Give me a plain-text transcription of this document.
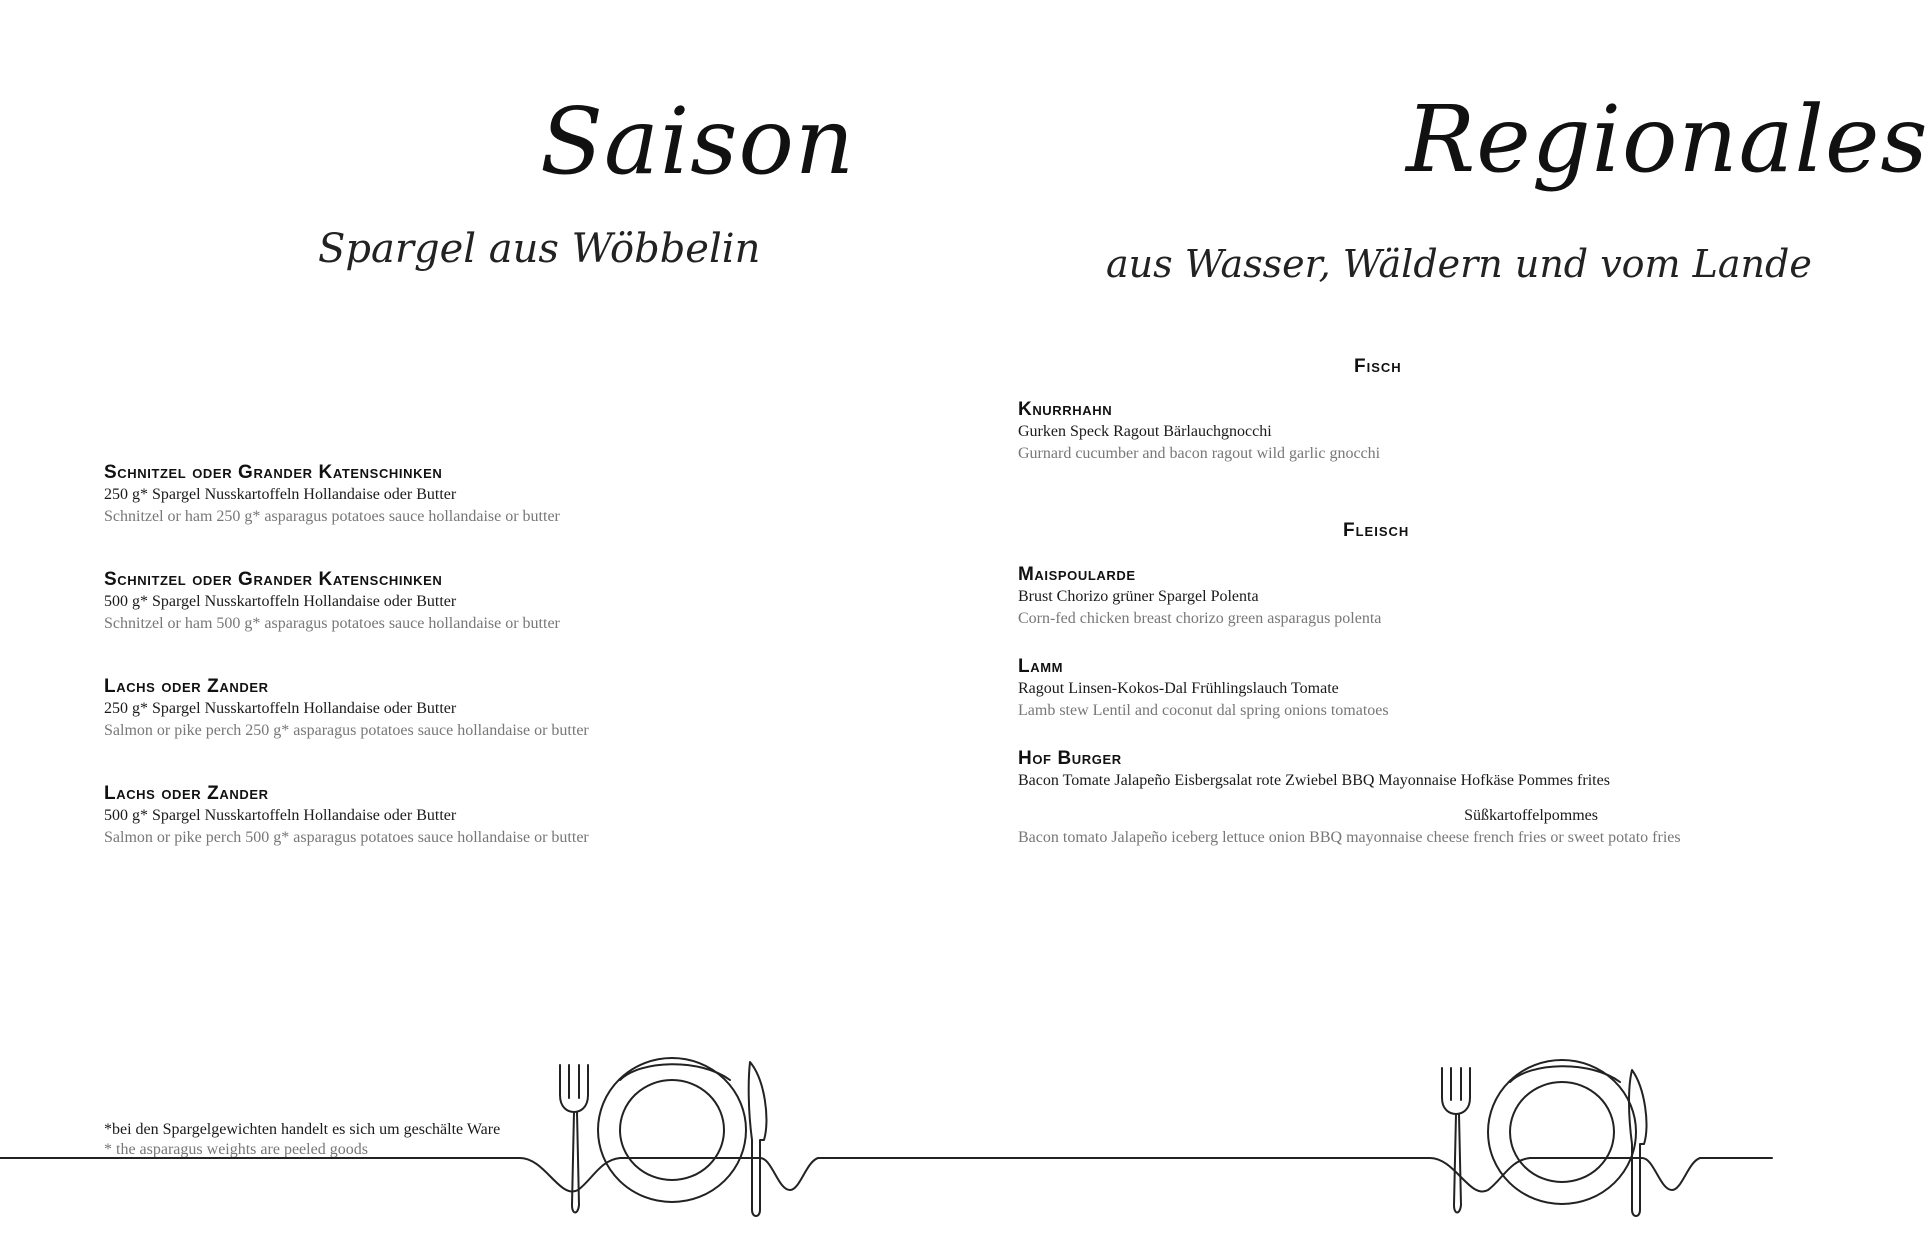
Saison
Spargel aus Wöbbelin
Schnitzel oder Grander Katenschinken
250 g* Spargel Nusskartoffeln Hollandaise oder Butter
Schnitzel or ham 250 g* asparagus potatoes sauce hollandaise or butter
Schnitzel oder Grander Katenschinken
500 g* Spargel Nusskartoffeln Hollandaise oder Butter
Schnitzel or ham 500 g* asparagus potatoes sauce hollandaise or butter
Lachs oder Zander
250 g* Spargel Nusskartoffeln Hollandaise oder Butter
Salmon or pike perch 250 g* asparagus potatoes sauce hollandaise or butter
Lachs oder Zander
500 g* Spargel Nusskartoffeln Hollandaise oder Butter
Salmon or pike perch 500 g* asparagus potatoes sauce hollandaise or butter
*bei den Spargelgewichten handelt es sich um geschälte Ware
* the asparagus weights are peeled goods
Regionales
aus Wasser, Wäldern und vom Lande
Fisch
Knurrhahn
Gurken Speck Ragout Bärlauchgnocchi
Gurnard cucumber and bacon ragout wild garlic gnocchi
Fleisch
Maispoularde
Brust Chorizo grüner Spargel Polenta
Corn-fed chicken breast chorizo green asparagus polenta
Lamm
Ragout Linsen-Kokos-Dal Frühlingslauch Tomate
Lamb stew Lentil and coconut dal spring onions tomatoes
Hof Burger
Bacon Tomate Jalapeño Eisbergsalat rote Zwiebel BBQ Mayonnaise Hofkäse Pommes frites
Süßkartoffelpommes
Bacon tomato Jalapeño iceberg lettuce onion BBQ mayonnaise cheese french fries or sweet potato fries
